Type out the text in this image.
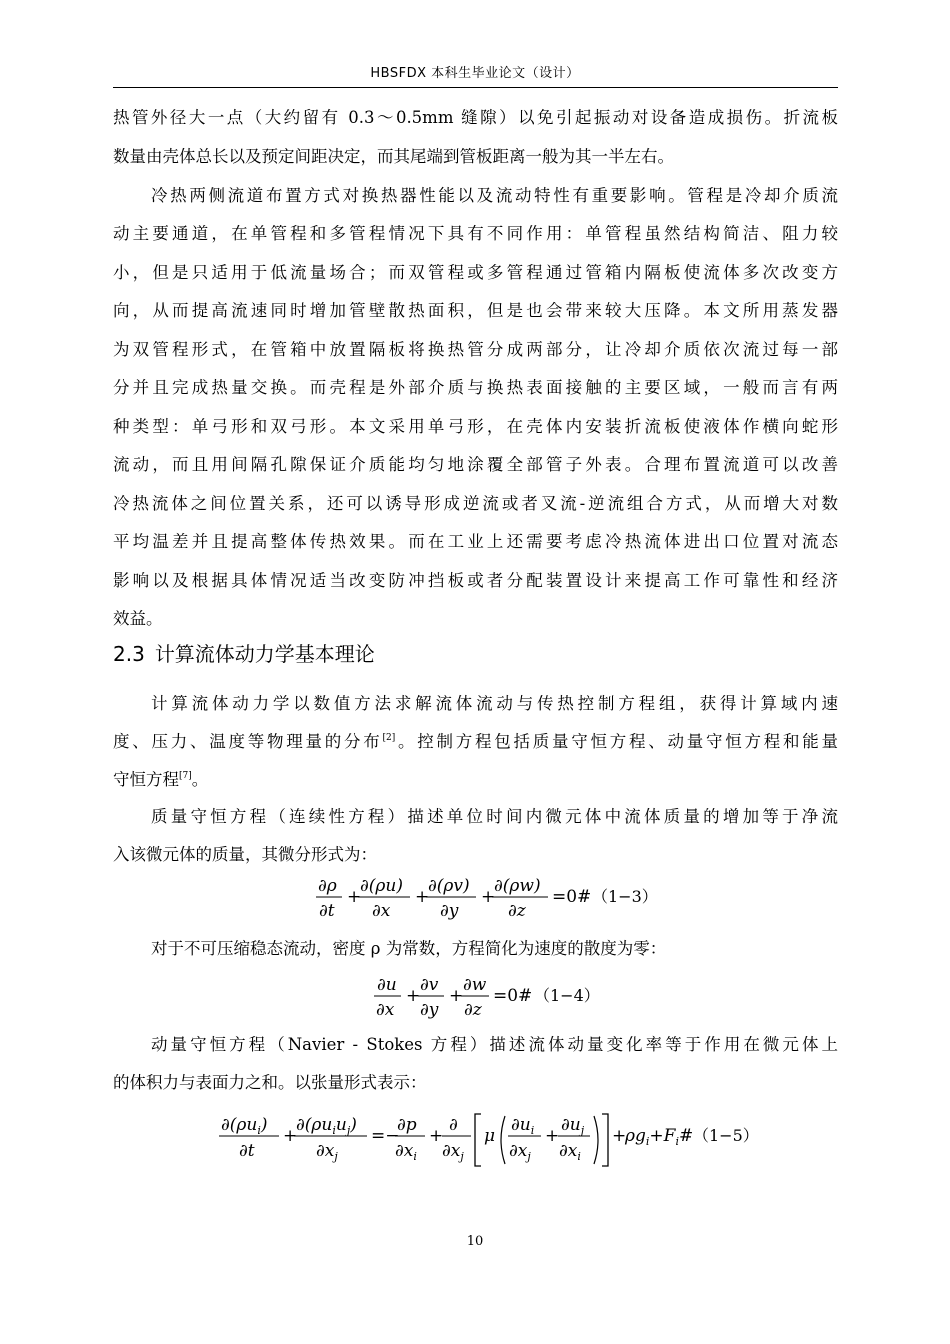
HBSFDX 本科生毕业论文（设计）
热管外径大一点（大约留有 0.3～0.5mm 缝隙）以免引起振动对设备造成损伤。折流板
数量由壳体总长以及预定间距决定，而其尾端到管板距离一般为其一半左右。
冷热两侧流道布置方式对换热器性能以及流动特性有重要影响。管程是冷却介质流
动主要通道，在单管程和多管程情况下具有不同作用：单管程虽然结构简洁、阻力较
小，但是只适用于低流量场合；而双管程或多管程通过管箱内隔板使流体多次改变方
向，从而提高流速同时增加管壁散热面积，但是也会带来较大压降。本文所用蒸发器
为双管程形式，在管箱中放置隔板将换热管分成两部分，让冷却介质依次流过每一部
分并且完成热量交换。而壳程是外部介质与换热表面接触的主要区域，一般而言有两
种类型：单弓形和双弓形。本文采用单弓形，在壳体内安装折流板使液体作横向蛇形
流动，而且用间隔孔隙保证介质能均匀地涂覆全部管子外表。合理布置流道可以改善
冷热流体之间位置关系，还可以诱导形成逆流或者叉流-逆流组合方式，从而增大对数
平均温差并且提高整体传热效果。而在工业上还需要考虑冷热流体进出口位置对流态
影响以及根据具体情况适当改变防冲挡板或者分配装置设计来提高工作可靠性和经济
效益。
2.3 计算流体动力学基本理论
计算流体动力学以数值方法求解流体流动与传热控制方程组，获得计算域内速
度、压力、温度等物理量的分布[2]。控制方程包括质量守恒方程、动量守恒方程和能量
守恒方程[7]。
质量守恒方程（连续性方程）描述单位时间内微元体中流体质量的增加等于净流
入该微元体的质量，其微分形式为：
∂ρ
∂t
+
∂(ρu)
∂x
+
∂(ρv)
∂y
+
∂(ρw)
∂z
=0# （1−3）
对于不可压缩稳态流动，密度 ρ 为常数，方程简化为速度的散度为零：
∂u
∂x
+
∂v
∂y
+
∂w
∂z
=0# （1−4）
动量守恒方程（Navier - Stokes 方程）描述流体动量变化率等于作用在微元体上
的体积力与表面力之和。以张量形式表示：
$\partial(\rho u_i)$
∂t
+
$\partial(\rho u_iu_j)$
$\partial x_j$
=−
∂p
$\partial x_i$
+
∂
$\partial x_j$
μ
$\partial u_i$
$\partial x_j$
+
$\partial u_j$
$\partial x_i$
+
$\rho g_i+F_i\#$ （1−5）
10
